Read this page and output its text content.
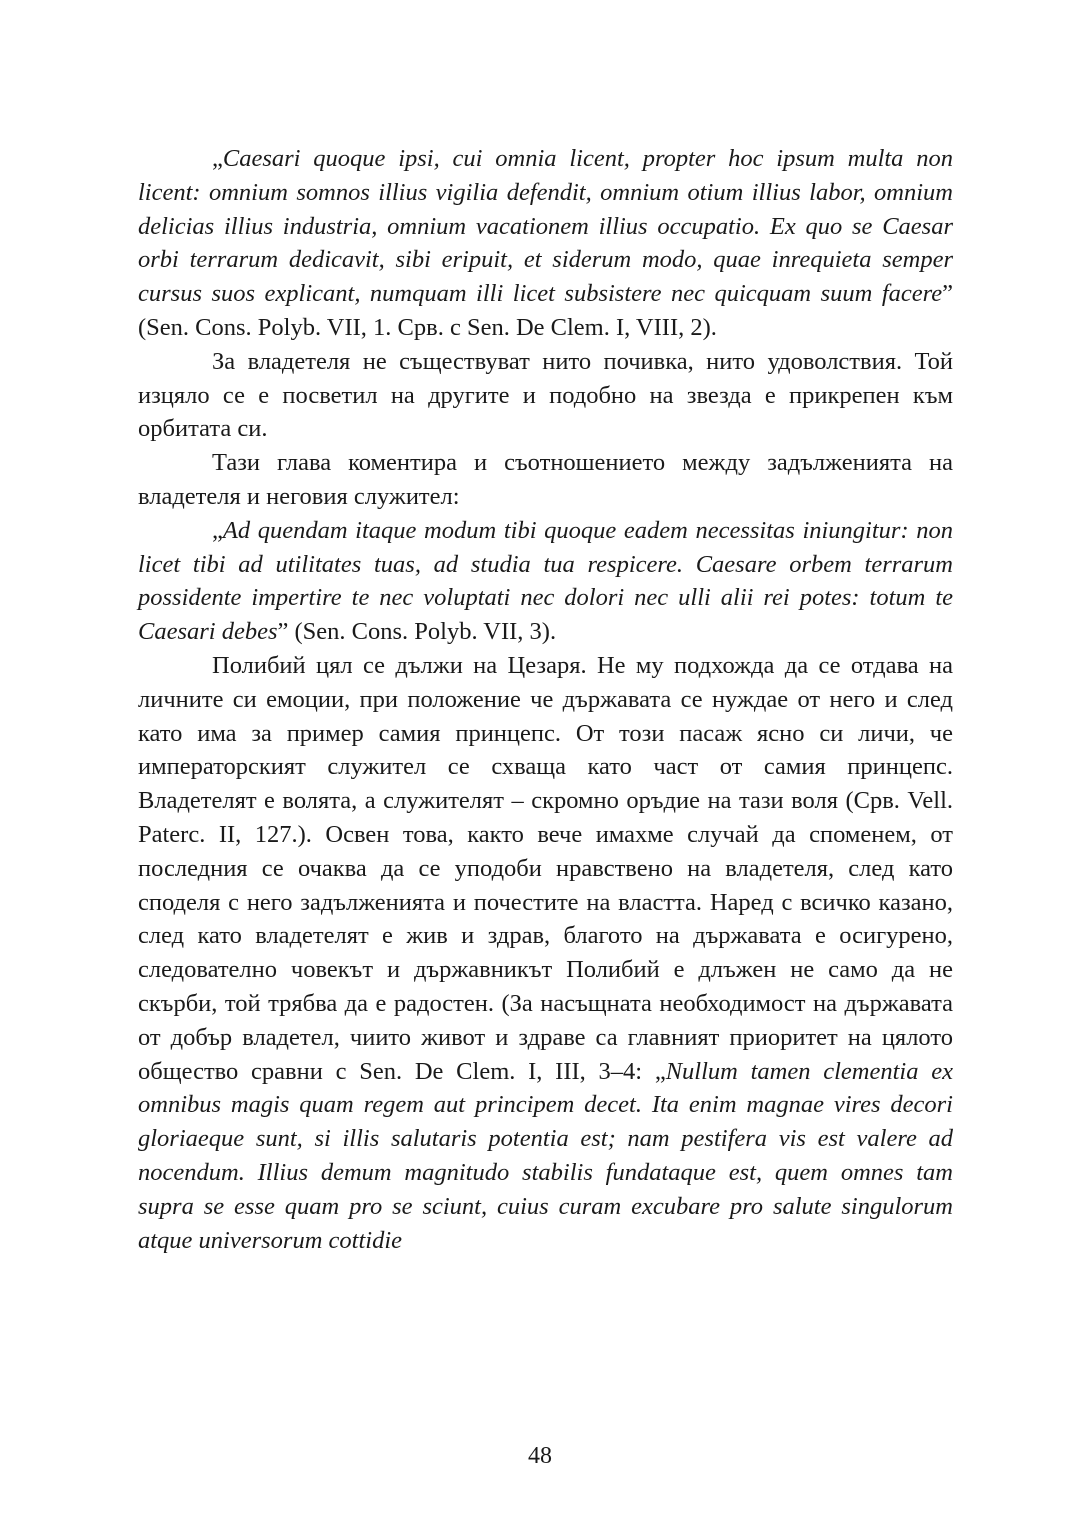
„Caesari quoque ipsi, cui omnia licent, propter hoc ipsum multa non licent: omnium somnos illius vigilia defendit, omnium otium illius labor, omnium delicias illius industria, omnium vacationem illius occupatio. Ex quo se Caesar orbi terrarum dedicavit, sibi eripuit, et siderum modo, quae inrequieta semper cursus suos explicant, numquam illi licet subsistere nec quicquam suum facere” (Sen. Cons. Polyb. VII, 1. Срв. с Sen. De Clem. I, VIII, 2).

За владетеля не съществуват нито почивка, нито удоволствия. Той изцяло се е посветил на другите и подобно на звезда е прикрепен към орбитата си.

Тази глава коментира и съотношението между задълженията на владетеля и неговия служител:

„Ad quendam itaque modum tibi quoque eadem necessitas iniungitur: non licet tibi ad utilitates tuas, ad studia tua respicere. Caesare orbem terrarum possidente impertire te nec voluptati nec dolori nec ulli alii rei potes: totum te Caesari debes” (Sen. Cons. Polyb. VII, 3).

Полибий цял се дължи на Цезаря. Не му подхожда да се отдава на личните си емоции, при положение че държавата се нуждае от него и след като има за пример самия принцепс. От този пасаж ясно си личи, че императорският служител се схваща като част от самия принцепс. Владетелят е волята, а служителят – скромно оръдие на тази воля (Срв. Vell. Paterc. II, 127.). Освен това, както вече имахме случай да споменем, от последния се очаква да се уподоби нравствено на владетеля, след като споделя с него задълженията и почестите на властта. Наред с всичко казано, след като владетелят е жив и здрав, благото на държавата е осигурено, следователно човекът и държавникът Полибий е длъжен не само да не скърби, той трябва да е радостен. (За насъщната необходимост на държавата от добър владетел, чиито живот и здраве са главният приоритет на цялото общество сравни с Sen. De Clem. I, III, 3–4: „Nullum tamen clementia ex omnibus magis quam regem aut principem decet. Ita enim magnae vires decori gloriaeque sunt, si illis salutaris potentia est; nam pestifera vis est valere ad nocendum. Illius demum magnitudo stabilis fundataque est, quem omnes tam supra se esse quam pro se sciunt, cuius curam excubare pro salute singulorum atque universorum cottidie

48
